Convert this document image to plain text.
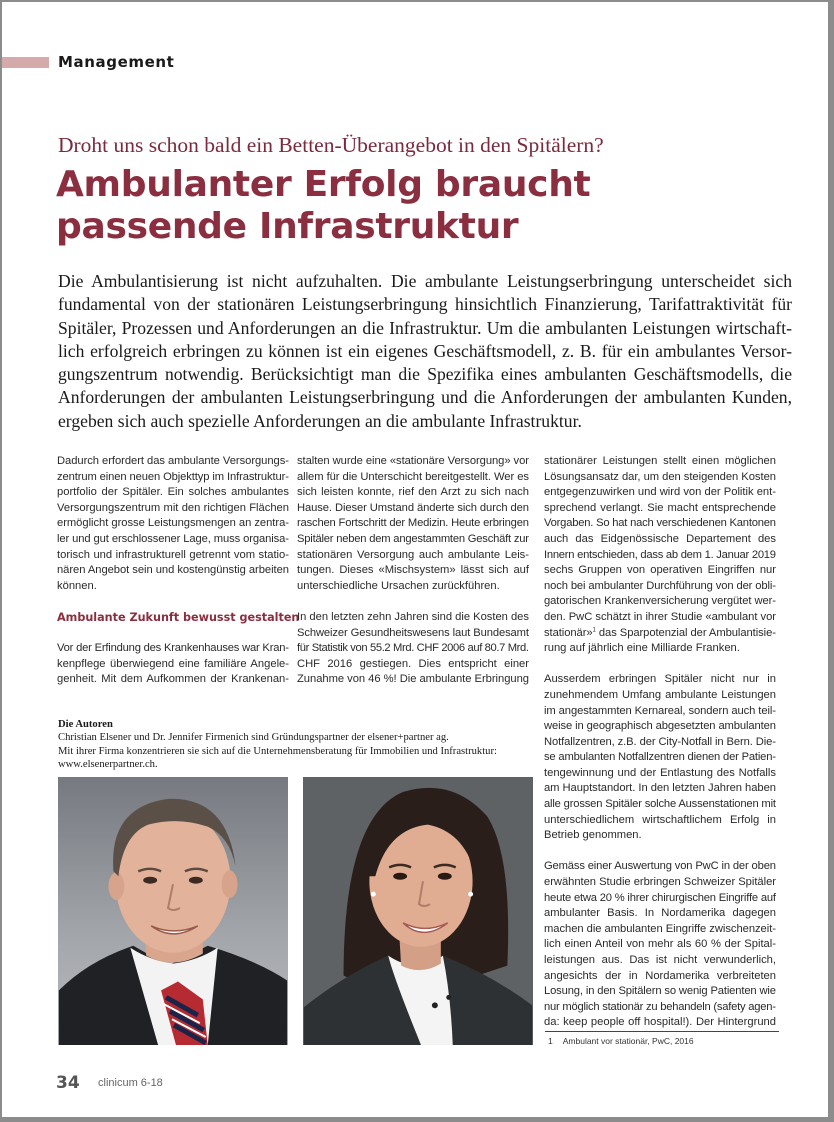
Management
Droht uns schon bald ein Betten-Überangebot in den Spitälern?
Ambulanter Erfolg braucht
passende Infrastruktur
Die Ambulantisierung ist nicht aufzuhalten. Die ambulante Leistungserbringung unterscheidet sich
fundamental von der stationären Leistungserbringung hinsichtlich Finanzierung, Tarifattraktivität für
Spitäler, Prozessen und Anforderungen an die Infrastruktur. Um die ambulanten Leistungen wirtschaft-
lich erfolgreich erbringen zu können ist ein eigenes Geschäftsmodell, z. B. für ein ambulantes Versor-
gungszentrum notwendig. Berücksichtigt man die Spezifika eines ambulanten Geschäftsmodells, die
Anforderungen der ambulanten Leistungserbringung und die Anforderungen der ambulanten Kunden,
ergeben sich auch spezielle Anforderungen an die ambulante Infrastruktur.
Dadurch erfordert das ambulante Versorgungs-
zentrum einen neuen Objekttyp im Infrastruktur-
portfolio der Spitäler. Ein solches ambulantes
Versorgungszentrum mit den richtigen Flächen
ermöglicht grosse Leistungsmengen an zentra-
ler und gut erschlossener Lage, muss organisa-
torisch und infrastrukturell getrennt vom statio-
nären Angebot sein und kostengünstig arbeiten
können.
Ambulante Zukunft bewusst gestalten
Vor der Erfindung des Krankenhauses war Kran-
kenpflege überwiegend eine familiäre Angele-
genheit. Mit dem Aufkommen der Krankenan-
stalten wurde eine «stationäre Versorgung» vor
allem für die Unterschicht bereitgestellt. Wer es
sich leisten konnte, rief den Arzt zu sich nach
Hause. Dieser Umstand änderte sich durch den
raschen Fortschritt der Medizin. Heute erbringen
Spitäler neben dem angestammten Geschäft zur
stationären Versorgung auch ambulante Leis-
tungen. Dieses «Mischsystem» lässt sich auf
unterschiedliche Ursachen zurückführen.
In den letzten zehn Jahren sind die Kosten des
Schweizer Gesundheitswesens laut Bundesamt
für Statistik von 55.2 Mrd. CHF 2006 auf 80.7 Mrd.
CHF 2016 gestiegen. Dies entspricht einer
Zunahme von 46 %! Die ambulante Erbringung
stationärer Leistungen stellt einen möglichen
Lösungsansatz dar, um den steigenden Kosten
entgegenzuwirken und wird von der Politik ent-
sprechend verlangt. Sie macht entsprechende
Vorgaben. So hat nach verschiedenen Kantonen
auch das Eidgenössische Departement des
Innern entschieden, dass ab dem 1. Januar 2019
sechs Gruppen von operativen Eingriffen nur
noch bei ambulanter Durchführung von der obli-
gatorischen Krankenversicherung vergütet wer-
den. PwC schätzt in ihrer Studie «ambulant vor
stationär»$^1$ das Sparpotenzial der Ambulantisie-
rung auf jährlich eine Milliarde Franken.
Ausserdem erbringen Spitäler nicht nur in
zunehmendem Umfang ambulante Leistungen
im angestammten Kernareal, sondern auch teil-
weise in geographisch abgesetzten ambulanten
Notfallzentren, z.B. der City-Notfall in Bern. Die-
se ambulanten Notfallzentren dienen der Patien-
tengewinnung und der Entlastung des Notfalls
am Hauptstandort. In den letzten Jahren haben
alle grossen Spitäler solche Aussenstationen mit
unterschiedlichem wirtschaftlichem Erfolg in
Betrieb genommen.
Gemäss einer Auswertung von PwC in der oben
erwähnten Studie erbringen Schweizer Spitäler
heute etwa 20 % ihrer chirurgischen Eingriffe auf
ambulanter Basis. In Nordamerika dagegen
machen die ambulanten Eingriffe zwischenzeit-
lich einen Anteil von mehr als 60 % der Spital-
leistungen aus. Das ist nicht verwunderlich,
angesichts der in Nordamerika verbreiteten
Losung, in den Spitälern so wenig Patienten wie
nur möglich stationär zu behandeln (safety agen-
da: keep people off hospital!). Der Hintergrund
Die Autoren
Christian Elsener und Dr. Jennifer Firmenich sind Gründungspartner der elsener+partner ag.
Mit ihrer Firma konzentrieren sie sich auf die Unternehmensberatung für Immobilien und Infrastruktur:
www.elsenerpartner.ch.
1 Ambulant vor stationär, PwC, 2016
34 clinicum 6-18
